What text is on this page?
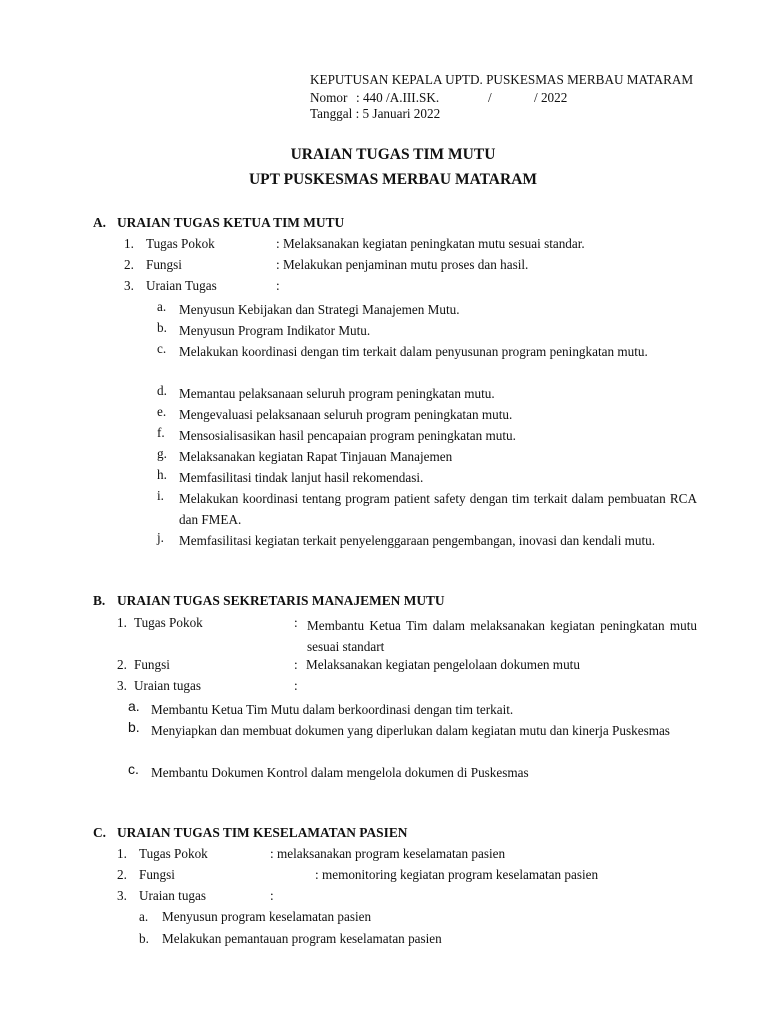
KEPUTUSAN KEPALA UPTD. PUSKESMAS MERBAU MATARAM
Nomor : 440 /A.III.SK.	/	/ 2022
Tanggal : 5 Januari 2022
URAIAN TUGAS TIM MUTU
UPT PUSKESMAS MERBAU MATARAM
A. URAIAN TUGAS KETUA TIM MUTU
1. Tugas Pokok	: Melaksanakan kegiatan peningkatan mutu sesuai standar.
2. Fungsi	: Melakukan penjaminan mutu proses dan hasil.
3. Uraian Tugas	:
a. Menyusun Kebijakan dan Strategi Manajemen Mutu.
b. Menyusun Program Indikator Mutu.
c. Melakukan koordinasi dengan tim terkait dalam penyusunan program peningkatan mutu.
d. Memantau pelaksanaan seluruh program peningkatan mutu.
e. Mengevaluasi pelaksanaan seluruh program peningkatan mutu.
f. Mensosialisasikan hasil pencapaian program peningkatan mutu.
g. Melaksanakan kegiatan Rapat Tinjauan Manajemen
h. Memfasilitasi tindak lanjut hasil rekomendasi.
i. Melakukan koordinasi tentang program patient safety dengan tim terkait dalam pembuatan RCA dan FMEA.
j. Memfasilitasi kegiatan terkait penyelenggaraan pengembangan, inovasi dan kendali mutu.
B. URAIAN TUGAS SEKRETARIS MANAJEMEN MUTU
1. Tugas Pokok	: Membantu Ketua Tim dalam melaksanakan kegiatan peningkatan mutu sesuai standart
2. Fungsi	: Melaksanakan kegiatan pengelolaan dokumen mutu
3. Uraian tugas	:
a. Membantu Ketua Tim Mutu dalam berkoordinasi dengan tim terkait.
b. Menyiapkan dan membuat dokumen yang diperlukan dalam kegiatan mutu dan kinerja Puskesmas
c. Membantu Dokumen Kontrol dalam mengelola dokumen di Puskesmas
C. URAIAN TUGAS TIM KESELAMATAN PASIEN
1. Tugas Pokok	: melaksanakan program keselamatan pasien
2. Fungsi	: memonitoring kegiatan program keselamatan pasien
3. Uraian tugas	:
a. Menyusun program keselamatan pasien
b. Melakukan pemantauan program keselamatan pasien
